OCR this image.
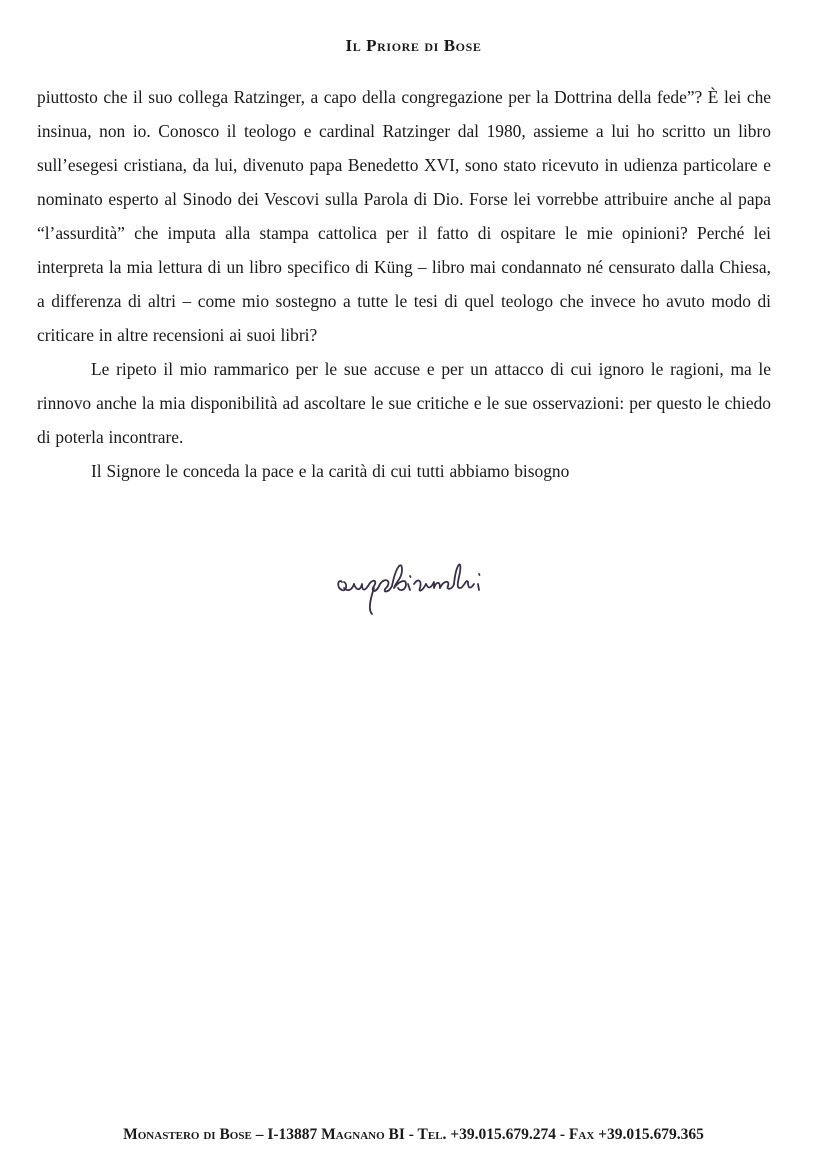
Il Priore di Bose

piuttosto che il suo collega Ratzinger, a capo della congregazione per la Dottrina della fede”? È lei che insinua, non io. Conosco il teologo e cardinal Ratzinger dal 1980, assieme a lui ho scritto un libro sull’esegesi cristiana, da lui, divenuto papa Benedetto XVI, sono stato ricevuto in udienza particolare e nominato esperto al Sinodo dei Vescovi sulla Parola di Dio. Forse lei vorrebbe attribuire anche al papa “l’assurdità” che imputa alla stampa cattolica per il fatto di ospitare le mie opinioni? Perché lei interpreta la mia lettura di un libro specifico di Küng – libro mai condannato né censurato dalla Chiesa, a differenza di altri – come mio sostegno a tutte le tesi di quel teologo che invece ho avuto modo di criticare in altre recensioni ai suoi libri?

Le ripeto il mio rammarico per le sue accuse e per un attacco di cui ignoro le ragioni, ma le rinnovo anche la mia disponibilità ad ascoltare le sue critiche e le sue osservazioni: per questo le chiedo di poterla incontrare.

Il Signore le conceda la pace e la carità di cui tutti abbiamo bisogno

Monastero di Bose – I-13887 Magnano BI - Tel. +39.015.679.274 - Fax +39.015.679.365
